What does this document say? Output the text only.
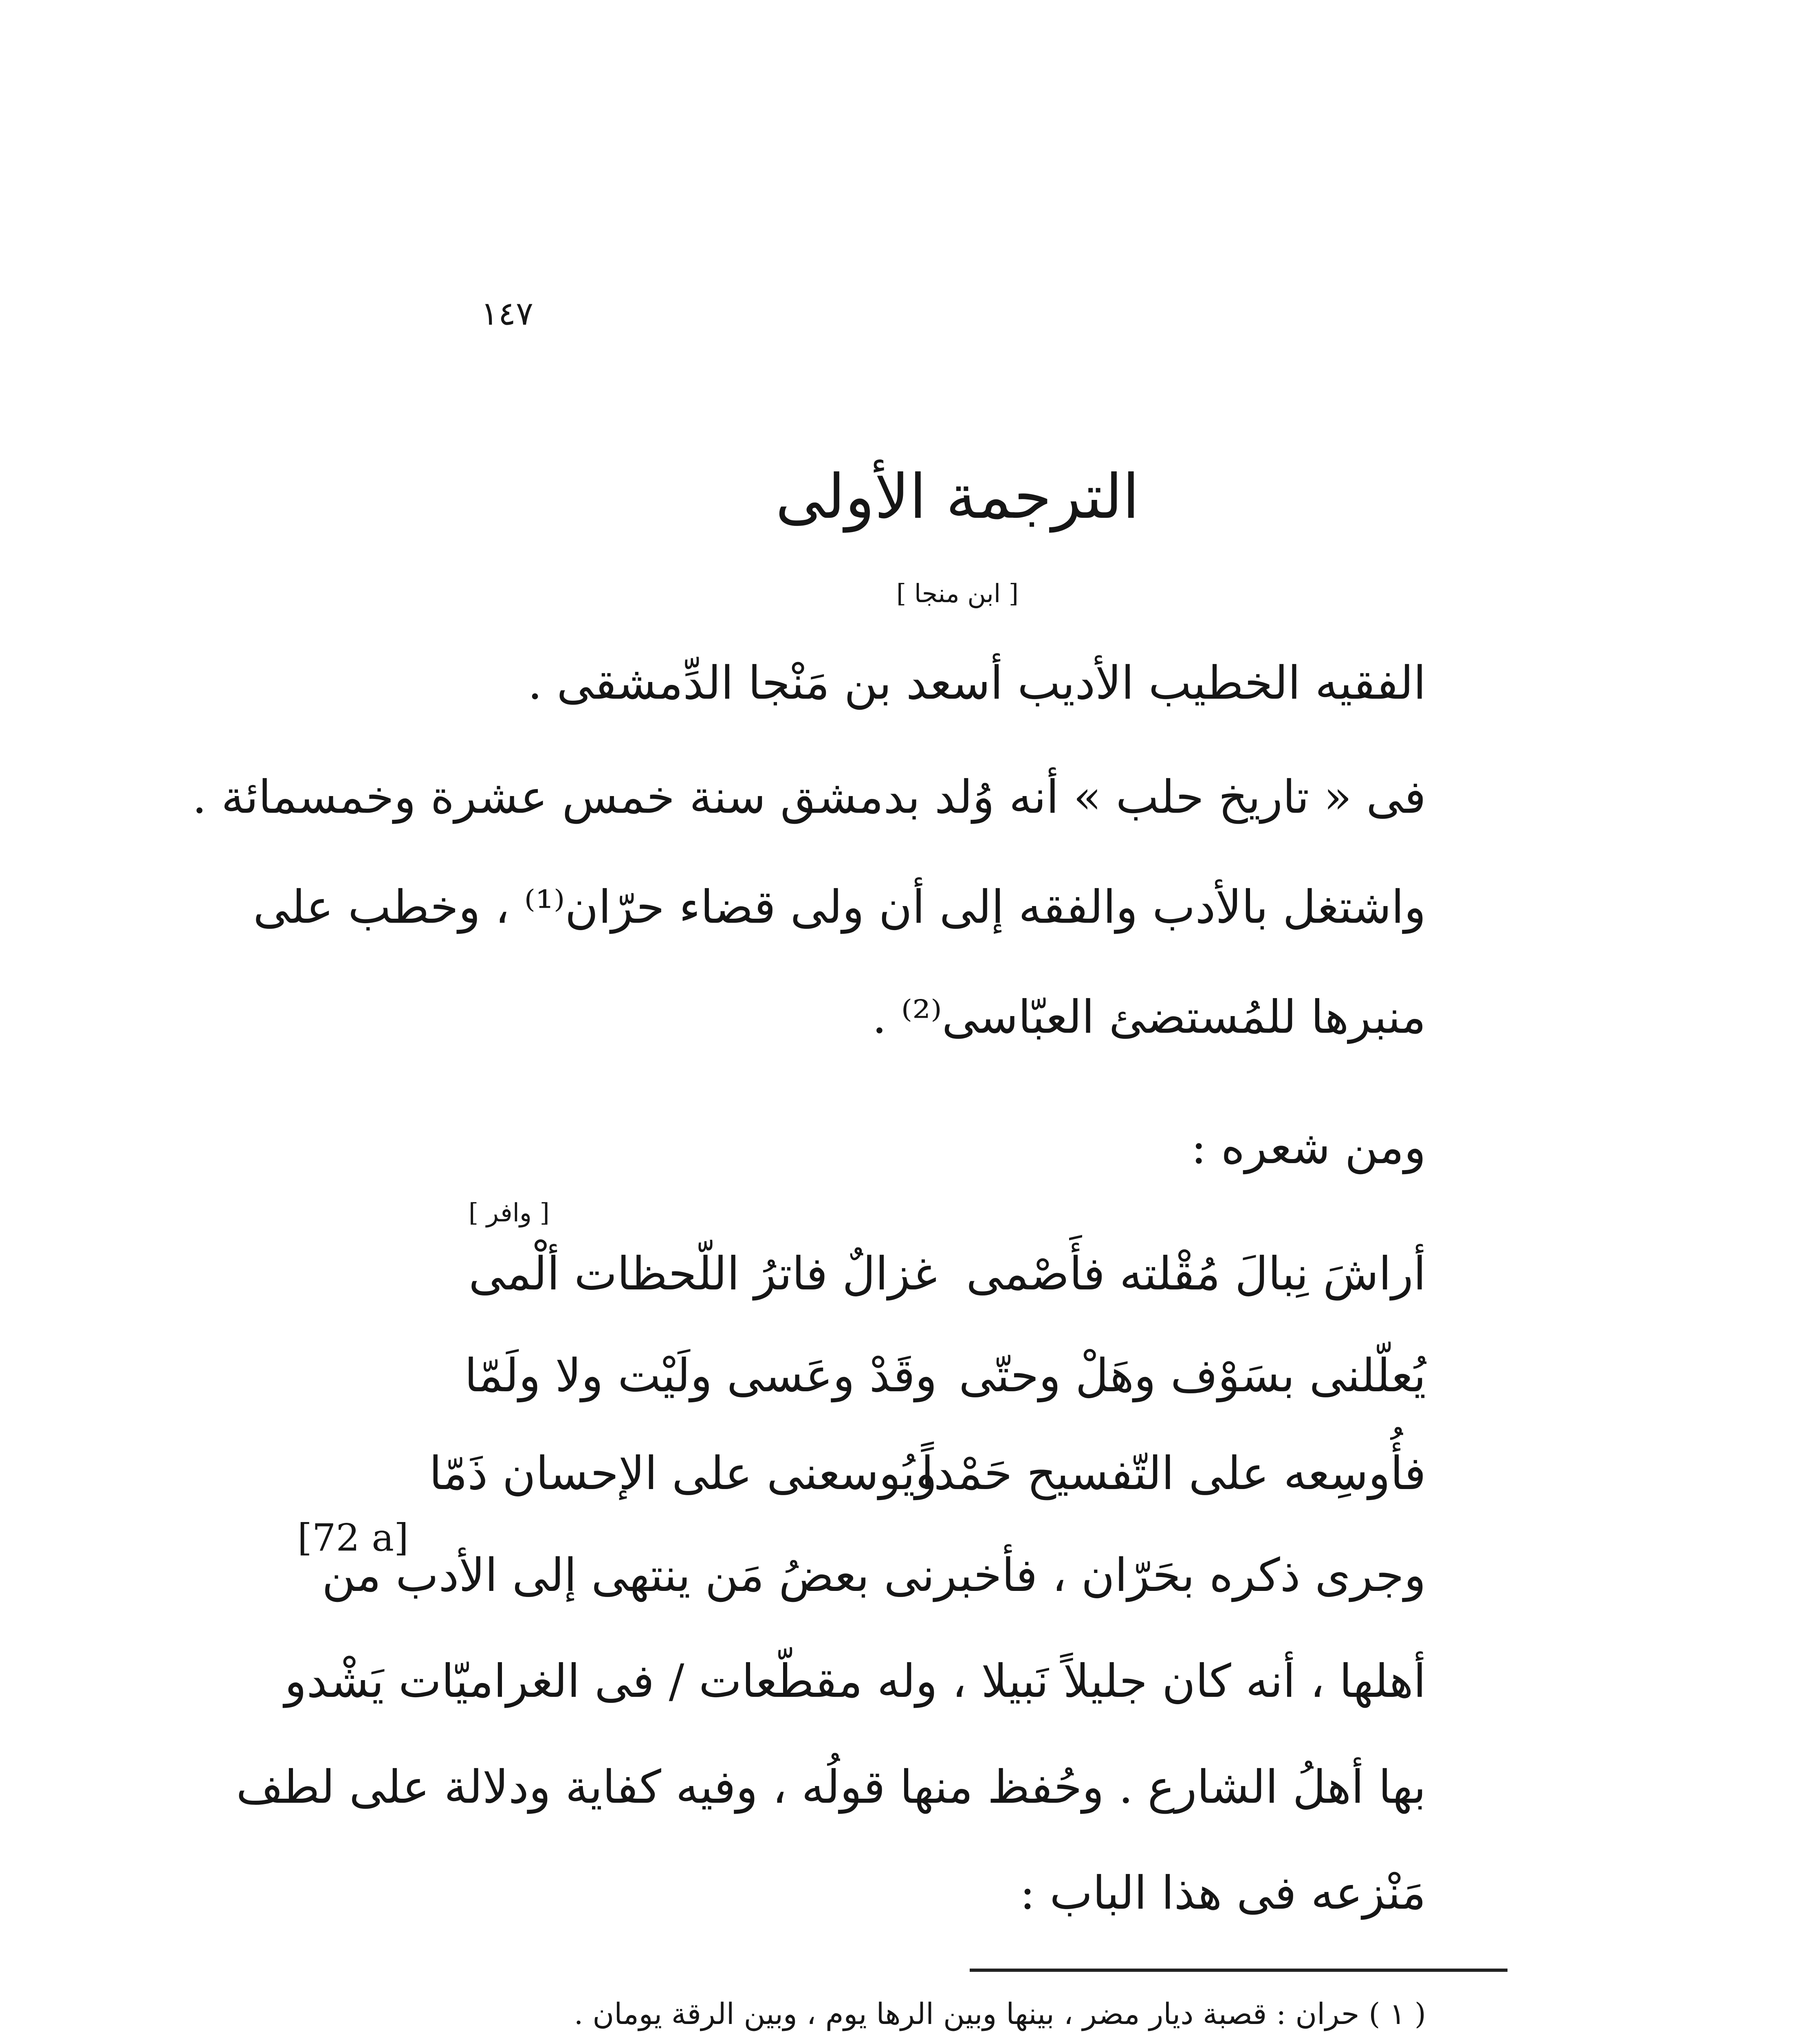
١٤٧
الترجمة الأولى
[ ابن منجا ]
الفقيه الخطيب الأديب أسعد بن مَنْجا الدِّمشقى .
فى « تاريخ حلب » أنه وُلد بدمشق سنة خمس عشرة وخمسمائة .
واشتغل بالأدب والفقه إلى أن ولى قضاء حرّان⁽¹⁾ ، وخطب على
منبرها للمُستضئ العبّاسى⁽²⁾ .
ومن شعره :
[ وافر ]
أراشَ نِبالَ مُقْلته فأَصْمى
غزالٌ فاترُ اللّحظات ألْمى
يُعلّلنى بسَوْف وهَلْ وحتّى
وقَدْ وعَسى ولَيْت ولا ولَمّا
فأُوسِعه على التّفسيح حَمْداً
ويُوسعنى على الإحسان ذَمّا
وجرى ذكره بحَرّان ، فأخبرنى بعضُ مَن ينتهى إلى الأدب من
[72 a]
أهلها ، أنه كان جليلاً نَبيلا ، وله مقطّعات / فى الغراميّات يَشْدو
بها أهلُ الشارع . وحُفظ منها قولُه ، وفيه كفاية ودلالة على لطف
مَنْزعه فى هذا الباب :
( ١ ) حران : قصبة ديار مضر ، بينها وبين الرها يوم ، وبين الرقة يومان .
